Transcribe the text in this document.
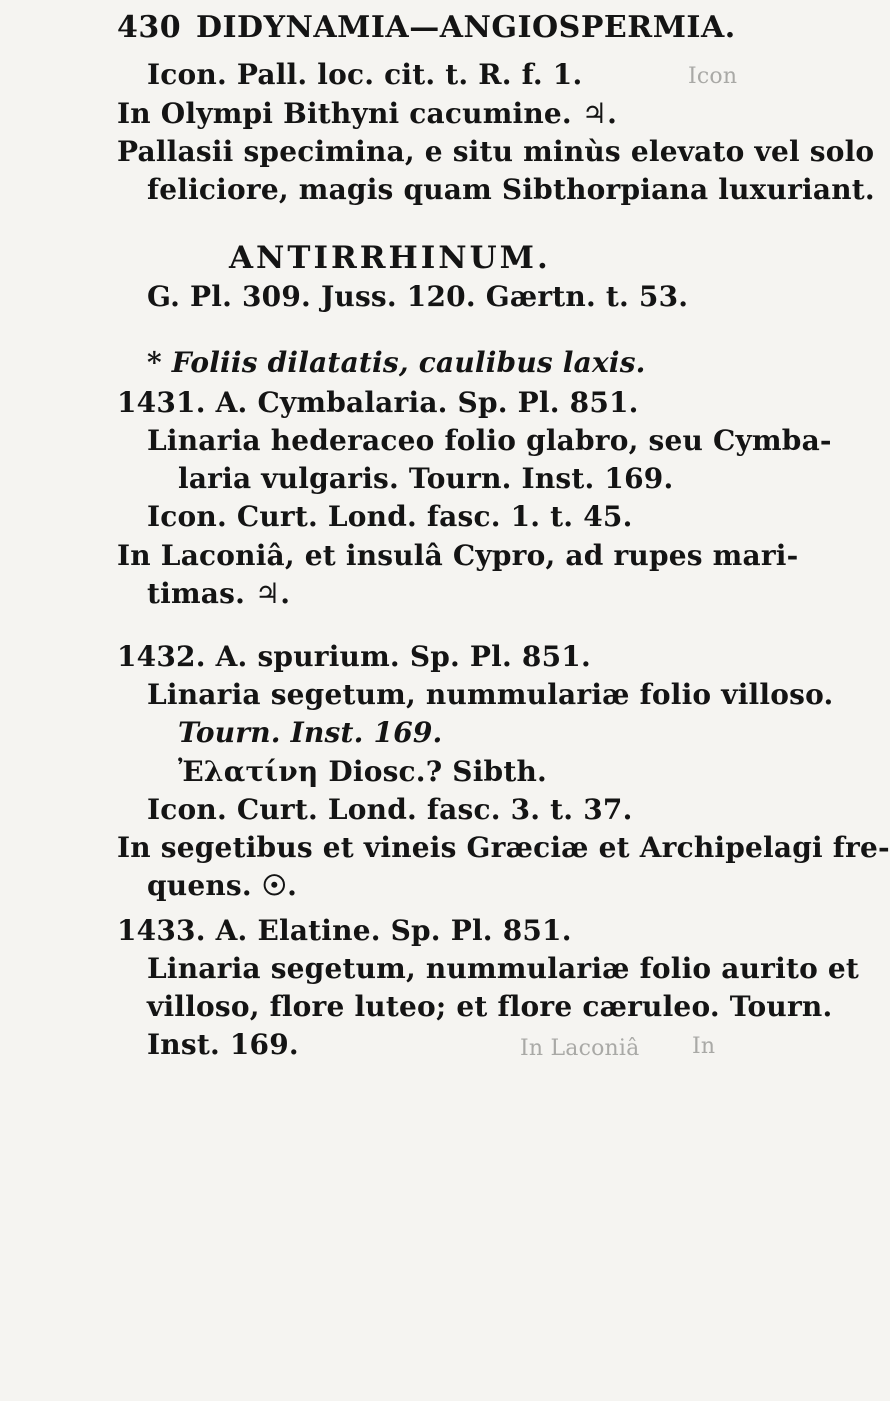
430 DIDYNAMIA—ANGIOSPERMIA.
Icon. Pall. loc. cit. t. R. f. 1.
In Olympi Bithyni cacumine. ♃.
Pallasii specimina, e situ minùs elevato vel solo
feliciore, magis quam Sibthorpiana luxuriant.
ANTIRRHINUM.
G. Pl. 309. Juss. 120. Gærtn. t. 53.
* Foliis dilatatis, caulibus laxis.
1431. A. Cymbalaria. Sp. Pl. 851.
Linaria hederaceo folio glabro, seu Cymba-
laria vulgaris. Tourn. Inst. 169.
Icon. Curt. Lond. fasc. 1. t. 45.
In Laconiâ, et insulâ Cypro, ad rupes mari-
timas. ♃.
1432. A. spurium. Sp. Pl. 851.
Linaria segetum, nummulariæ folio villoso.
Tourn. Inst. 169.
Ἐλατίνη Diosc.? Sibth.
Icon. Curt. Lond. fasc. 3. t. 37.
In segetibus et vineis Græciæ et Archipelagi fre-
quens. ☉.
1433. A. Elatine. Sp. Pl. 851.
Linaria segetum, nummulariæ folio aurito et
villoso, flore luteo; et flore cæruleo. Tourn.
Inst. 169.
Icon
In
In Laconiâ
